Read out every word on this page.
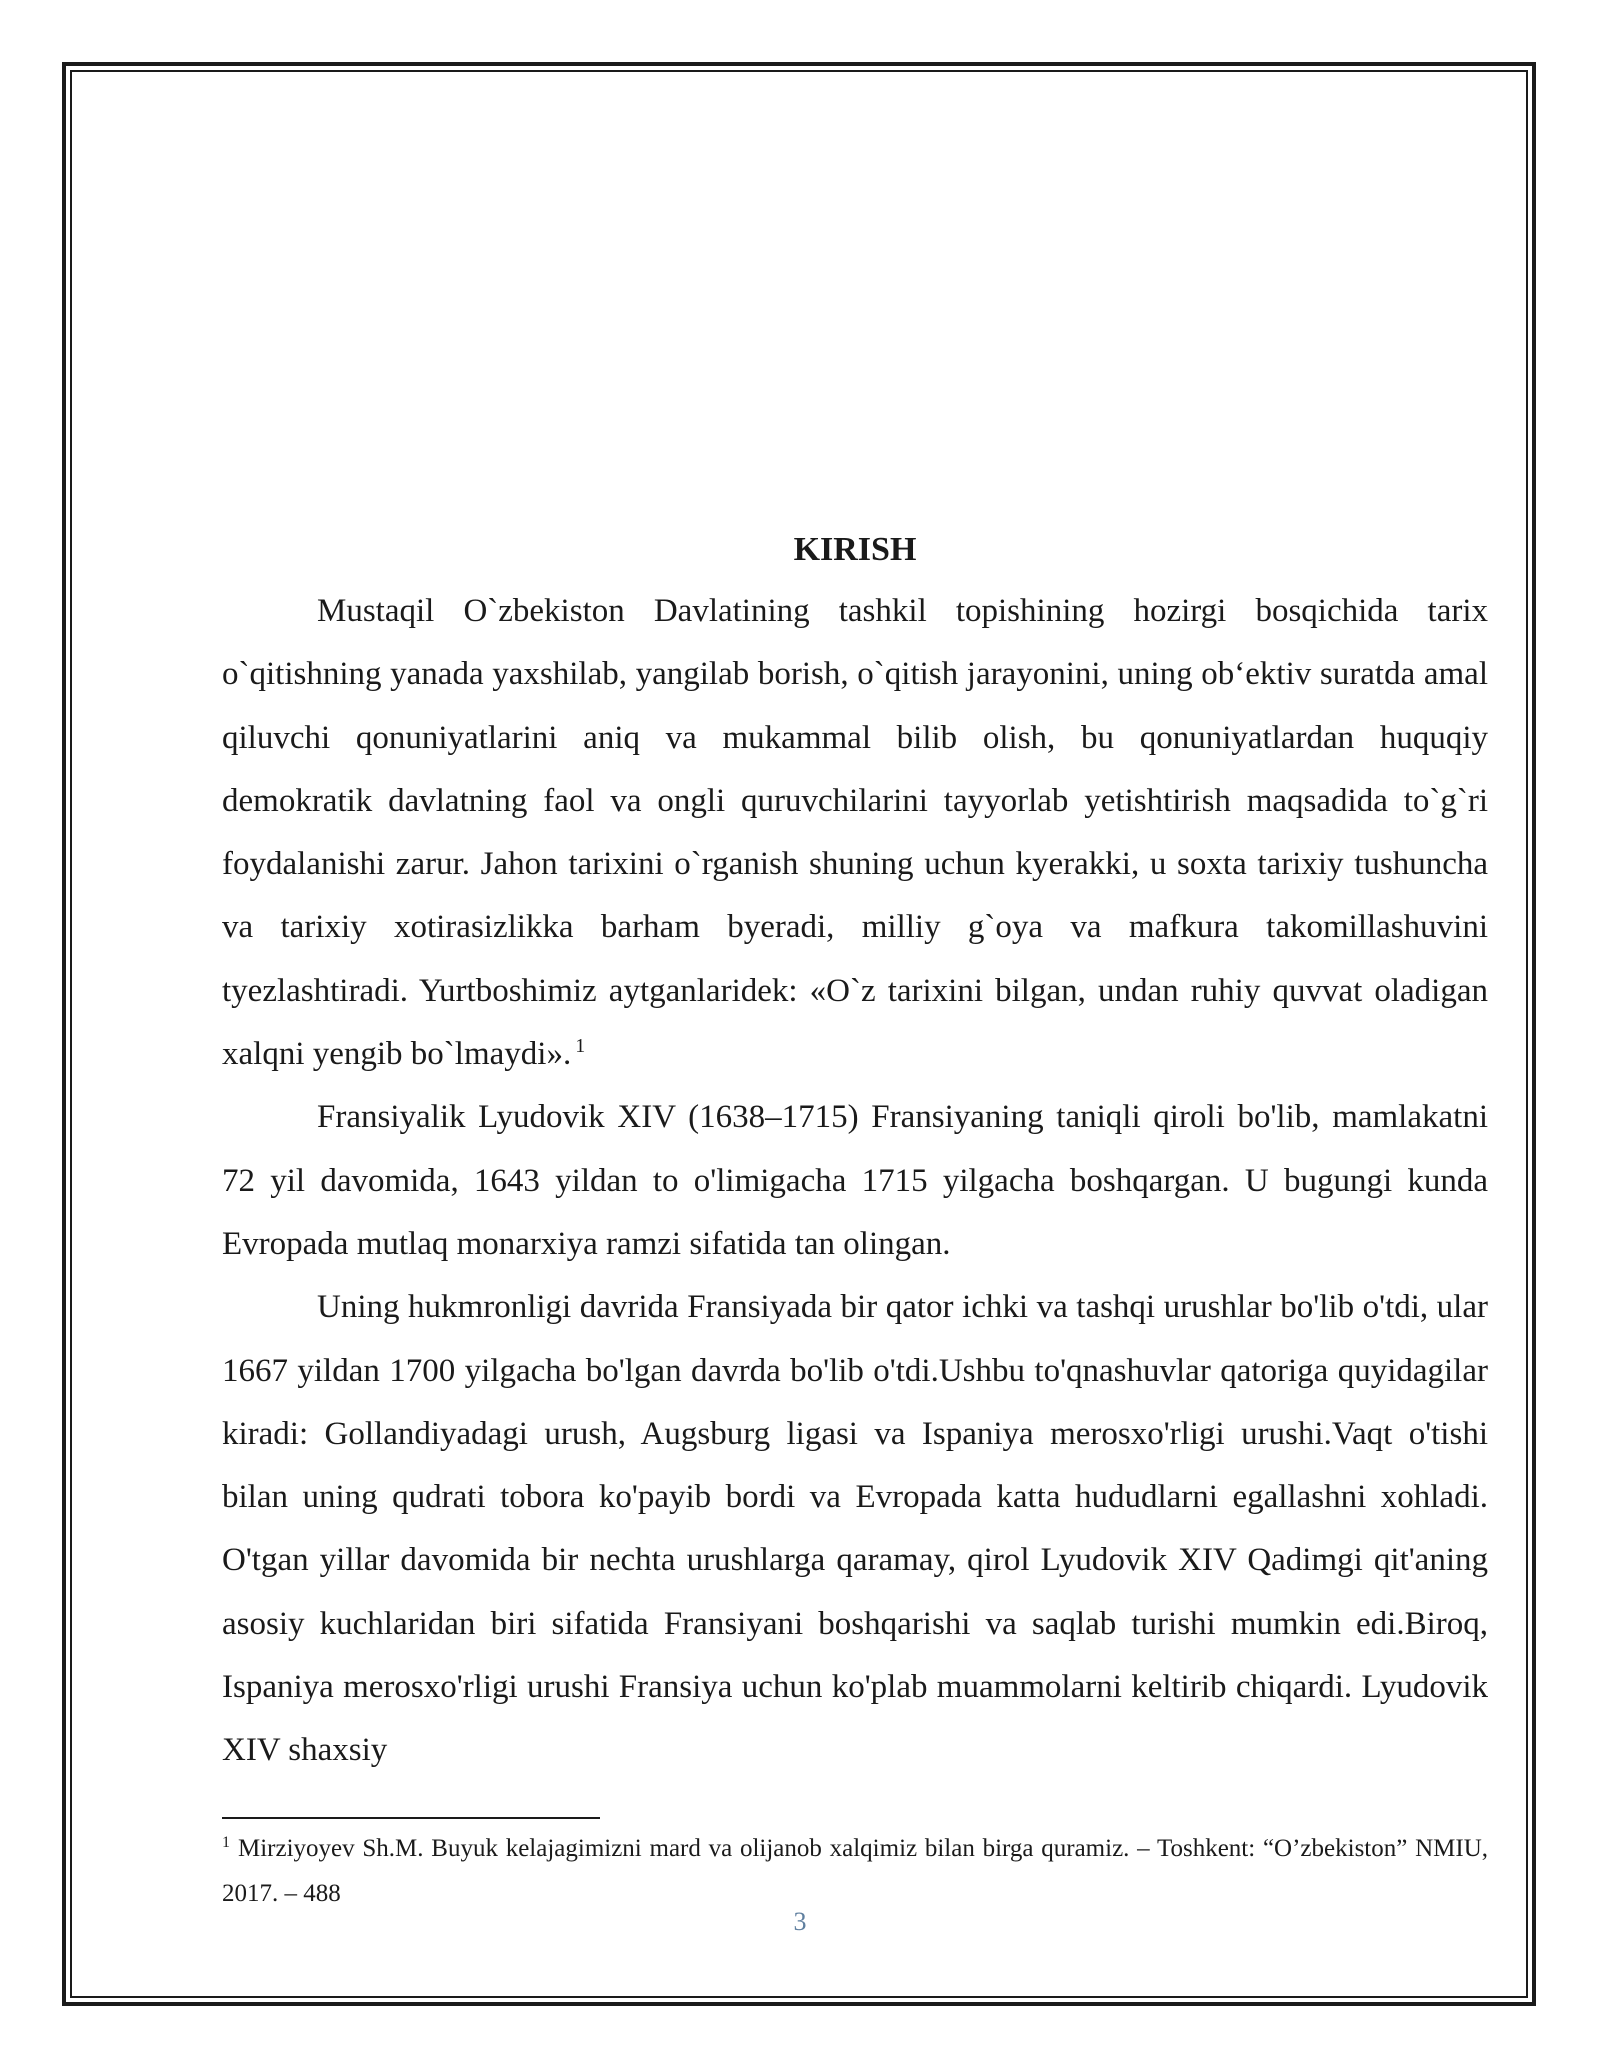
KIRISH

Mustaqil O`zbekiston Davlatining tashkil topishining hozirgi bosqichida tarix o`qitishning yanada yaxshilab, yangilab borish, o`qitish jarayonini, uning ob‘ektiv suratda amal qiluvchi qonuniyatlarini aniq va mukammal bilib olish, bu qonuniyatlardan huquqiy demokratik davlatning faol va ongli quruvchilarini tayyorlab yetishtirish maqsadida to`g`ri foydalanishi zarur. Jahon tarixini o`rganish shuning uchun kyerakki, u soxta tarixiy tushuncha va tarixiy xotirasizlikka barham byeradi, milliy g`oya va mafkura takomillashuvini tyezlashtiradi. Yurtboshimiz aytganlaridek: «O`z tarixini bilgan, undan ruhiy quvvat oladigan xalqni yengib bo`lmaydi». $^1$

Fransiyalik Lyudovik XIV (1638–1715) Fransiyaning taniqli qiroli bo'lib, mamlakatni 72 yil davomida, 1643 yildan to o'limigacha 1715 yilgacha boshqargan. U bugungi kunda Evropada mutlaq monarxiya ramzi sifatida tan olingan.

Uning hukmronligi davrida Fransiyada bir qator ichki va tashqi urushlar bo'lib o'tdi, ular 1667 yildan 1700 yilgacha bo'lgan davrda bo'lib o'tdi.Ushbu to'qnashuvlar qatoriga quyidagilar kiradi: Gollandiyadagi urush, Augsburg ligasi va Ispaniya merosxo'rligi urushi.Vaqt o'tishi bilan uning qudrati tobora ko'payib bordi va Evropada katta hududlarni egallashni xohladi. O'tgan yillar davomida bir nechta urushlarga qaramay, qirol Lyudovik XIV Qadimgi qit'aning asosiy kuchlaridan biri sifatida Fransiyani boshqarishi va saqlab turishi mumkin edi.Biroq, Ispaniya merosxo'rligi urushi Fransiya uchun ko'plab muammolarni keltirib chiqardi. Lyudovik XIV shaxsiy

$^1$ Mirziyoyev Sh.M. Buyuk kelajagimizni mard va olijanob xalqimiz bilan birga quramiz. – Toshkent: “O’zbekiston” NMIU, 2017. – 488

3
